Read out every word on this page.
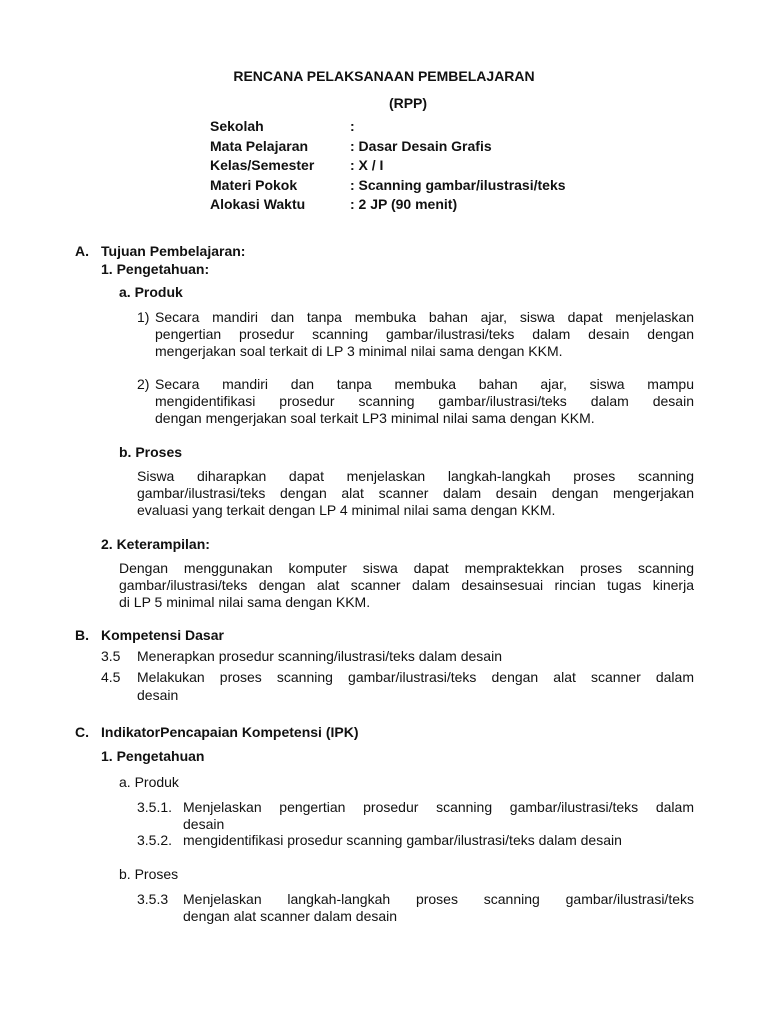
RENCANA PELAKSANAAN PEMBELAJARAN
(RPP)
Sekolah	:
Mata Pelajaran	: Dasar Desain Grafis
Kelas/Semester	: X / I
Materi Pokok	: Scanning gambar/ilustrasi/teks
Alokasi Waktu	: 2 JP (90 menit)
A. Tujuan Pembelajaran:
1. Pengetahuan:
a. Produk
1) Secara mandiri dan tanpa membuka bahan ajar, siswa dapat menjelaskan
pengertian prosedur scanning gambar/ilustrasi/teks dalam desain dengan
mengerjakan soal terkait di LP 3 minimal nilai sama dengan KKM.
2) Secara mandiri dan tanpa membuka bahan ajar, siswa mampu
mengidentifikasi prosedur scanning gambar/ilustrasi/teks dalam desain
dengan mengerjakan soal terkait LP3 minimal nilai sama dengan KKM.
b. Proses
Siswa diharapkan dapat menjelaskan langkah-langkah proses scanning
gambar/ilustrasi/teks dengan alat scanner dalam desain dengan mengerjakan
evaluasi yang terkait dengan LP 4 minimal nilai sama dengan KKM.
2. Keterampilan:
Dengan menggunakan komputer siswa dapat mempraktekkan proses scanning
gambar/ilustrasi/teks dengan alat scanner dalam desainsesuai rincian tugas kinerja
di LP 5 minimal nilai sama dengan KKM.
B. Kompetensi Dasar
3.5 Menerapkan prosedur scanning/ilustrasi/teks dalam desain
4.5 Melakukan proses scanning gambar/ilustrasi/teks dengan alat scanner dalam
desain
C. IndikatorPencapaian Kompetensi (IPK)
1. Pengetahuan
a. Produk
3.5.1. Menjelaskan pengertian prosedur scanning gambar/ilustrasi/teks dalam
desain
3.5.2. mengidentifikasi prosedur scanning gambar/ilustrasi/teks dalam desain
b. Proses
3.5.3 Menjelaskan langkah-langkah proses scanning gambar/ilustrasi/teks
dengan alat scanner dalam desain
